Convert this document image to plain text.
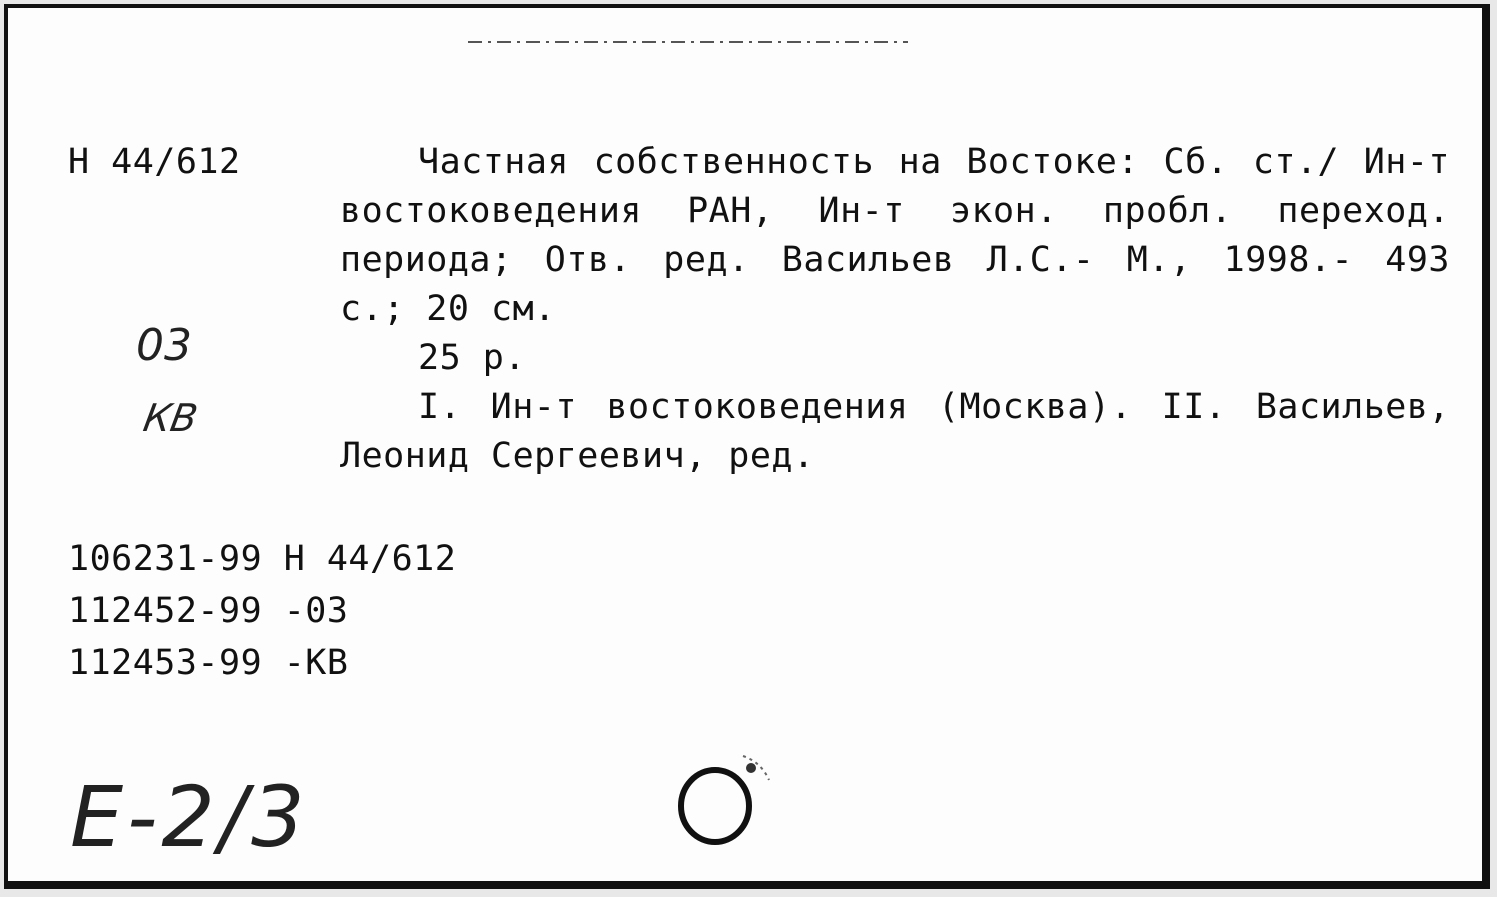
Н 44/612	Частная собственность на Востоке: Сб. ст./ Ин-т востоковедения РАН, Ин-т экон. пробл. переход. периода; Отв. ред. Васильев Л.С.- М., 1998.- 493 с.; 20 см.

25 р.

I. Ин-т востоковедения (Москва). II. Васильев, Леонид Сергеевич, ред.

106231-99 Н 44/612
112452-99 -03
112453-99 -КВ
03
КВ
Е-2/3
